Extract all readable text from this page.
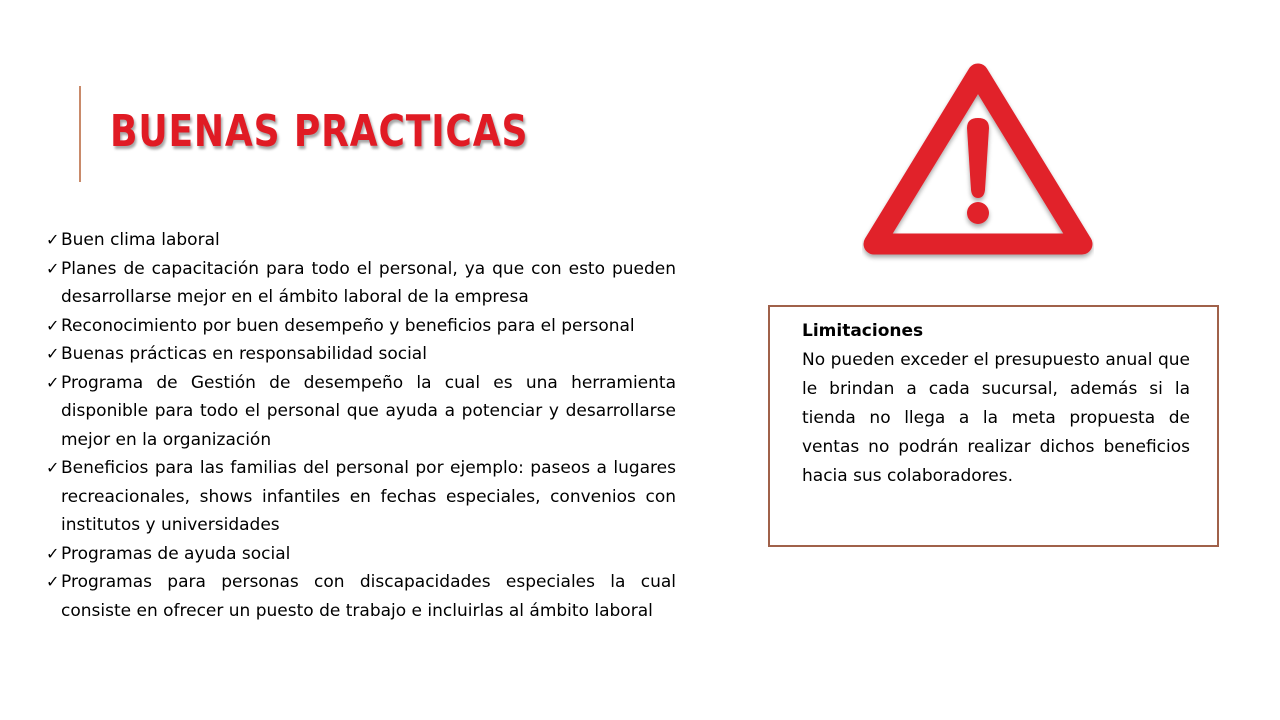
BUENAS PRACTICAS
✓ Buen clima laboral
✓ Planes de capacitación para todo el personal, ya que con esto pueden desarrollarse mejor en el ámbito laboral de la empresa
✓ Reconocimiento por buen desempeño y beneficios para el personal
✓ Buenas prácticas en responsabilidad social
✓ Programa de Gestión de desempeño la cual es una herramienta disponible para todo el personal que ayuda a potenciar y desarrollarse mejor en la organización
✓ Beneficios para las familias del personal por ejemplo: paseos a lugares recreacionales, shows infantiles en fechas especiales, convenios con institutos y universidades
✓ Programas de ayuda social
✓ Programas para personas con discapacidades especiales la cual consiste en ofrecer un puesto de trabajo e incluirlas al ámbito laboral
Limitaciones
No pueden exceder el presupuesto anual que le brindan a cada sucursal, además si la tienda no llega a la meta propuesta de ventas no podrán realizar dichos beneficios hacia sus colaboradores.
